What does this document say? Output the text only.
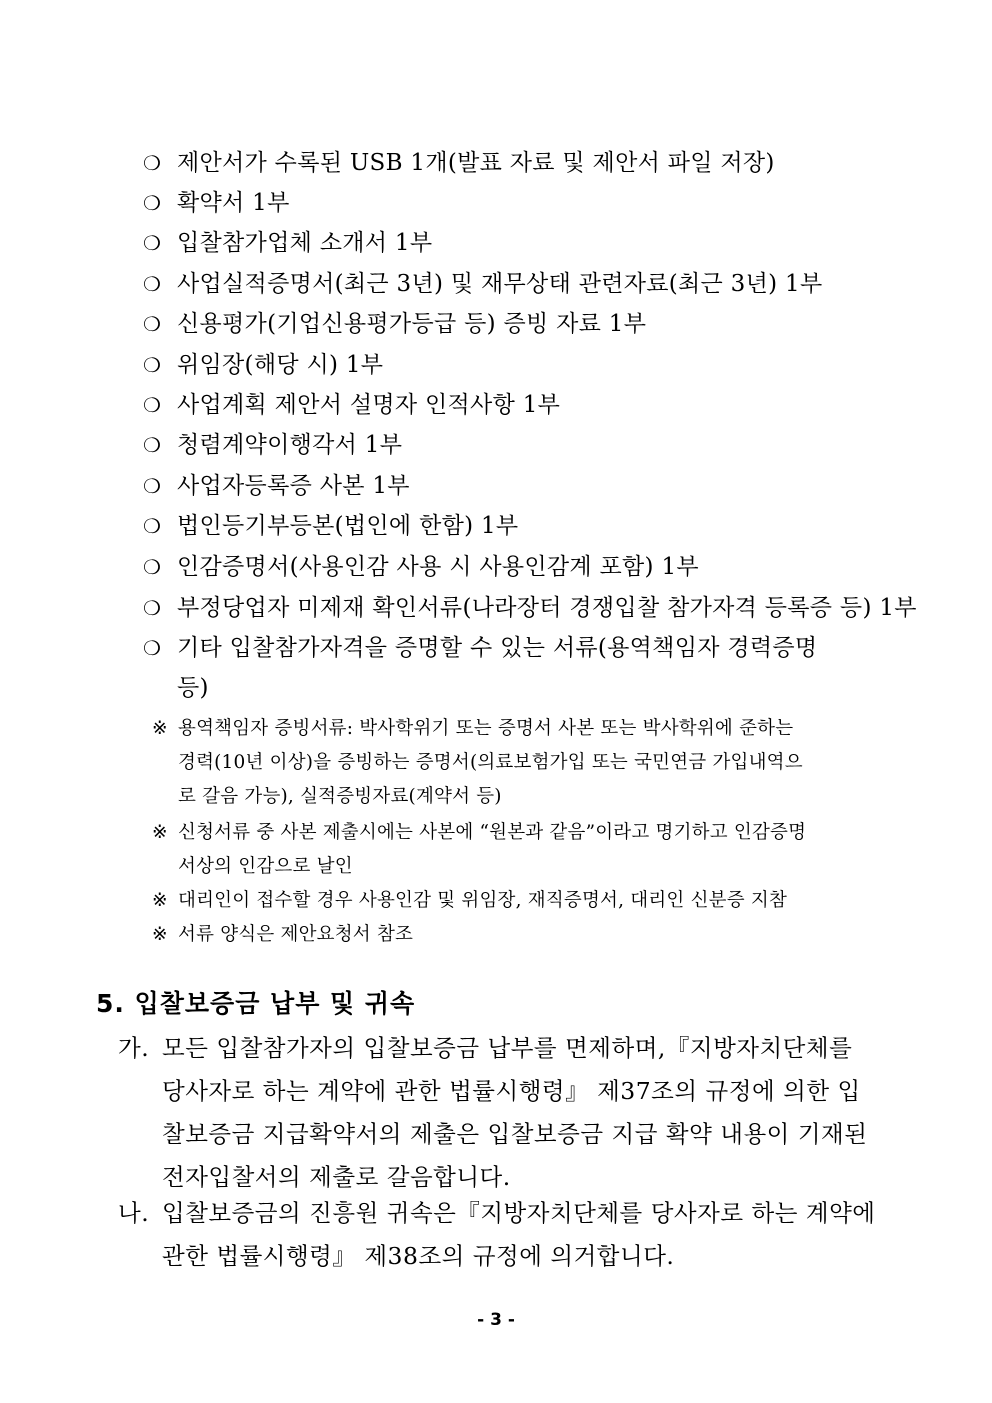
❍ 제안서가 수록된 USB 1개(발표 자료 및 제안서 파일 저장)
❍ 확약서 1부
❍ 입찰참가업체 소개서 1부
❍ 사업실적증명서(최근 3년) 및 재무상태 관련자료(최근 3년) 1부
❍ 신용평가(기업신용평가등급 등) 증빙 자료 1부
❍ 위임장(해당 시) 1부
❍ 사업계획 제안서 설명자 인적사항 1부
❍ 청렴계약이행각서 1부
❍ 사업자등록증 사본 1부
❍ 법인등기부등본(법인에 한함) 1부
❍ 인감증명서(사용인감 사용 시 사용인감계 포함) 1부
❍ 부정당업자 미제재 확인서류(나라장터 경쟁입찰 참가자격 등록증 등) 1부
❍ 기타 입찰참가자격을 증명할 수 있는 서류(용역책임자 경력증명
등)
※ 용역책임자 증빙서류: 박사학위기 또는 증명서 사본 또는 박사학위에 준하는
경력(10년 이상)을 증빙하는 증명서(의료보험가입 또는 국민연금 가입내역으
로 갈음 가능), 실적증빙자료(계약서 등)
※ 신청서류 중 사본 제출시에는 사본에 “원본과 같음”이라고 명기하고 인감증명
서상의 인감으로 날인
※ 대리인이 접수할 경우 사용인감 및 위임장, 재직증명서, 대리인 신분증 지참
※ 서류 양식은 제안요청서 참조
5. 입찰보증금 납부 및 귀속
가. 모든 입찰참가자의 입찰보증금 납부를 면제하며,『지방자치단체를
당사자로 하는 계약에 관한 법률시행령』 제37조의 규정에 의한 입
찰보증금 지급확약서의 제출은 입찰보증금 지급 확약 내용이 기재된
전자입찰서의 제출로 갈음합니다.
나. 입찰보증금의 진흥원 귀속은『지방자치단체를 당사자로 하는 계약에
관한 법률시행령』 제38조의 규정에 의거합니다.
- 3 -
